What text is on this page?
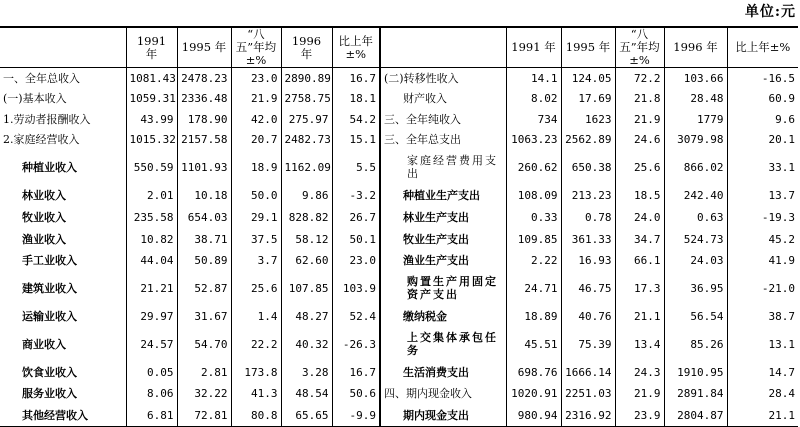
单位:元
	1991 年	1995 年	“八五”年均±%	1996 年	比上年±%		1991 年	1995 年	“八五”年均±%	1996 年	比上年±%
一、全年总收入	1081.43	2478.23	23.0	2890.89	16.7	(二)转移性收入	14.1	124.05	72.2	103.66	-16.5
(一)基本收入	1059.31	2336.48	21.9	2758.75	18.1	财产收入	8.02	17.69	21.8	28.48	60.9
1.劳动者报酬收入	43.99	178.90	42.0	275.97	54.2	三、全年纯收入	734	1623	21.9	1779	9.6
2.家庭经营收入	1015.32	2157.58	20.7	2482.73	15.1	三、全年总支出	1063.23	2562.89	24.6	3079.98	20.1
种植业收入	550.59	1101.93	18.9	1162.09	5.5	家庭经营费用支出	260.62	650.38	25.6	866.02	33.1
林业收入	2.01	10.18	50.0	9.86	-3.2	种植业生产支出	108.09	213.23	18.5	242.40	13.7
牧业收入	235.58	654.03	29.1	828.82	26.7	林业生产支出	0.33	0.78	24.0	0.63	-19.3
渔业收入	10.82	38.71	37.5	58.12	50.1	牧业生产支出	109.85	361.33	34.7	524.73	45.2
手工业收入	44.04	50.89	3.7	62.60	23.0	渔业生产支出	2.22	16.93	66.1	24.03	41.9
建筑业收入	21.21	52.87	25.6	107.85	103.9	购置生产用固定资产支出	24.71	46.75	17.3	36.95	-21.0
运输业收入	29.97	31.67	1.4	48.27	52.4	缴纳税金	18.89	40.76	21.1	56.54	38.7
商业收入	24.57	54.70	22.2	40.32	-26.3	上交集体承包任务	45.51	75.39	13.4	85.26	13.1
饮食业收入	0.05	2.81	173.8	3.28	16.7	生活消费支出	698.76	1666.14	24.3	1910.95	14.7
服务业收入	8.06	32.22	41.3	48.54	50.6	四、期内现金收入	1020.91	2251.03	21.9	2891.84	28.4
其他经营收入	6.81	72.81	80.8	65.65	-9.9	期内现金支出	980.94	2316.92	23.9	2804.87	21.1
